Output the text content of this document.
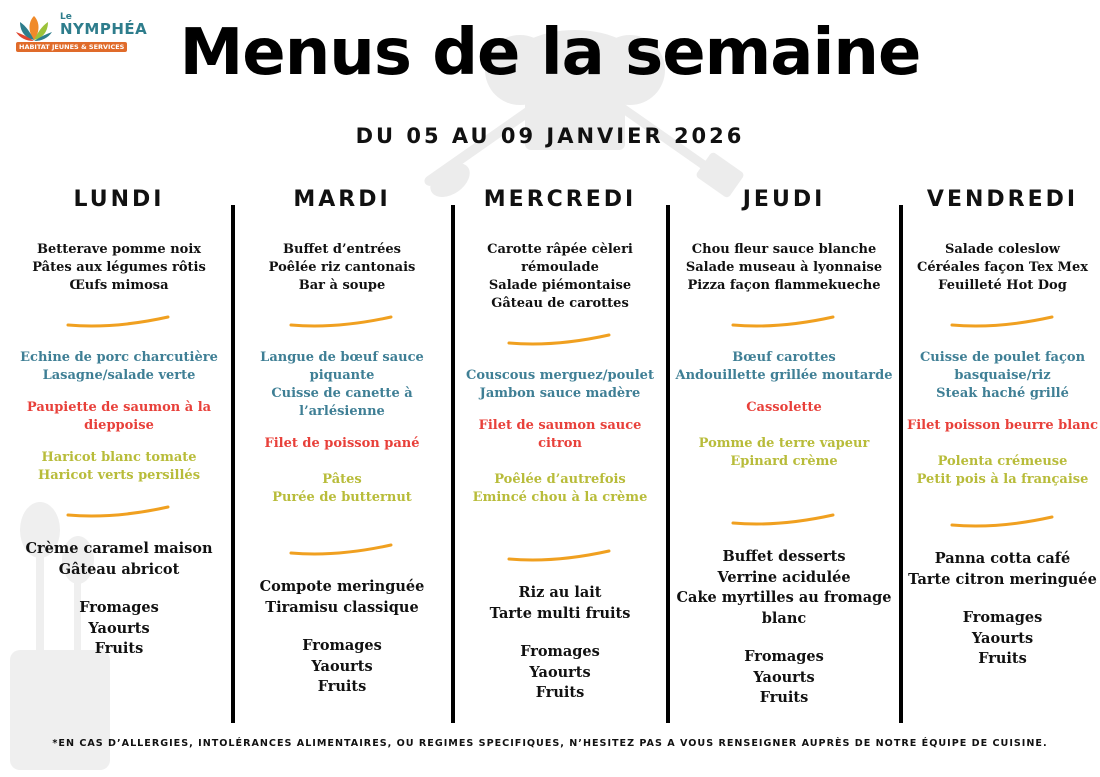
Le
NYMPHÉA
HABITAT JEUNES & SERVICES Menus de la semaine
DU 05 AU 09 JANVIER 2026
LUNDI
Betterave pomme noix
Pâtes aux légumes rôtis
Œufs mimosa
Echine de porc charcutière
Lasagne/salade verte
Paupiette de saumon à la
dieppoise
Haricot blanc tomate
Haricot verts persillés
Crème caramel maison
Gâteau abricot
Fromages
Yaourts
Fruits
MARDI
Buffet d’entrées
Poêlée riz cantonais
Bar à soupe
Langue de bœuf sauce piquante
Cuisse de canette à l’arlésienne
Filet de poisson pané
Pâtes
Purée de butternut
Compote meringuée
Tiramisu classique
Fromages
Yaourts
Fruits
MERCREDI
Carotte râpée cèleri rémoulade
Salade piémontaise
Gâteau de carottes
Couscous merguez/poulet
Jambon sauce madère
Filet de saumon sauce citron
Poêlée d’autrefois
Emincé chou à la crème
Riz au lait
Tarte multi fruits
Fromages
Yaourts
Fruits
JEUDI
Chou fleur sauce blanche
Salade museau à lyonnaise
Pizza façon flammekueche
Bœuf carottes
Andouillette grillée moutarde
Cassolette
Pomme de terre vapeur
Epinard crème
Buffet desserts
Verrine acidulée
Cake myrtilles au fromage
blanc
Fromages
Yaourts
Fruits
VENDREDI
Salade coleslow
Céréales façon Tex Mex
Feuilleté Hot Dog
Cuisse de poulet façon
basquaise/riz
Steak haché grillé
Filet poisson beurre blanc
Polenta crémeuse
Petit pois à la française
Panna cotta café
Tarte citron meringuée
Fromages
Yaourts
Fruits
*EN CAS D’ALLERGIES, INTOLÉRANCES ALIMENTAIRES, OU REGIMES SPECIFIQUES, N’HESITEZ PAS A VOUS RENSEIGNER AUPRÈS DE NOTRE ÉQUIPE DE CUISINE.
